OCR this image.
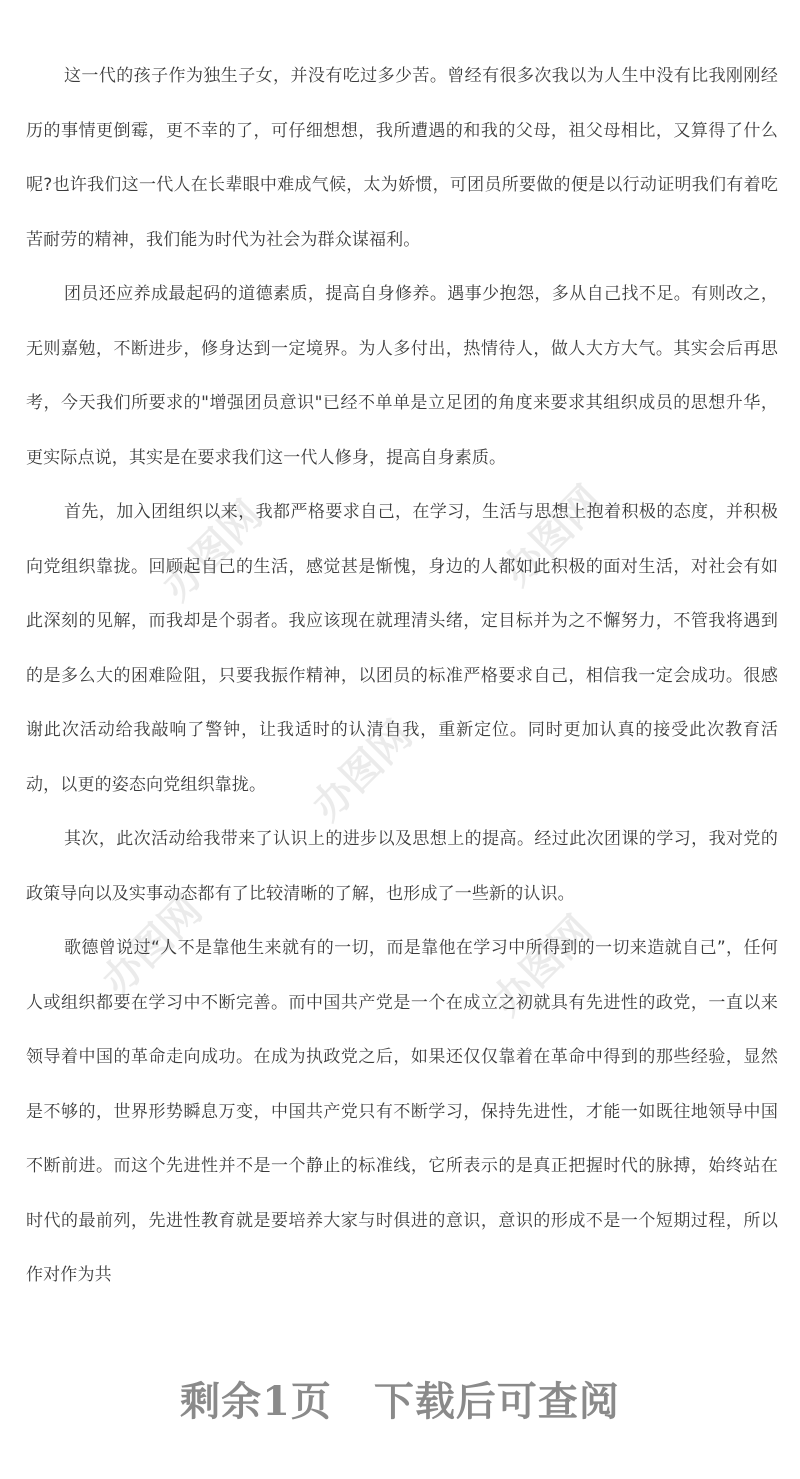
办图网	办图网
办图网
办图网	办图网

这一代的孩子作为独生子女，并没有吃过多少苦。曾经有很多次我以为人生中没有比我刚刚经历的事情更倒霉，更不幸的了，可仔细想想，我所遭遇的和我的父母，祖父母相比，又算得了什么呢?也许我们这一代人在长辈眼中难成气候，太为娇惯，可团员所要做的便是以行动证明我们有着吃苦耐劳的精神，我们能为时代为社会为群众谋福利。

团员还应养成最起码的道德素质，提高自身修养。遇事少抱怨，多从自己找不足。有则改之，无则嘉勉，不断进步，修身达到一定境界。为人多付出，热情待人，做人大方大气。其实会后再思考，今天我们所要求的"增强团员意识"已经不单单是立足团的角度来要求其组织成员的思想升华，更实际点说，其实是在要求我们这一代人修身，提高自身素质。

首先，加入团组织以来，我都严格要求自己，在学习，生活与思想上抱着积极的态度，并积极向党组织靠拢。回顾起自己的生活，感觉甚是惭愧，身边的人都如此积极的面对生活，对社会有如此深刻的见解，而我却是个弱者。我应该现在就理清头绪，定目标并为之不懈努力，不管我将遇到的是多么大的困难险阻，只要我振作精神，以团员的标准严格要求自己，相信我一定会成功。很感谢此次活动给我敲响了警钟，让我适时的认清自我，重新定位。同时更加认真的接受此次教育活动，以更的姿态向党组织靠拢。

其次，此次活动给我带来了认识上的进步以及思想上的提高。经过此次团课的学习，我对党的政策导向以及实事动态都有了比较清晰的了解，也形成了一些新的认识。

歌德曾说过“人不是靠他生来就有的一切，而是靠他在学习中所得到的一切来造就自己”，任何人或组织都要在学习中不断完善。而中国共产党是一个在成立之初就具有先进性的政党，一直以来领导着中国的革命走向成功。在成为执政党之后，如果还仅仅靠着在革命中得到的那些经验，显然是不够的，世界形势瞬息万变，中国共产党只有不断学习，保持先进性，才能一如既往地领导中国不断前进。而这个先进性并不是一个静止的标准线，它所表示的是真正把握时代的脉搏，始终站在时代的最前列，先进性教育就是要培养大家与时俱进的意识，意识的形成不是一个短期过程，所以作对作为共

剩余1页 下载后可查阅
